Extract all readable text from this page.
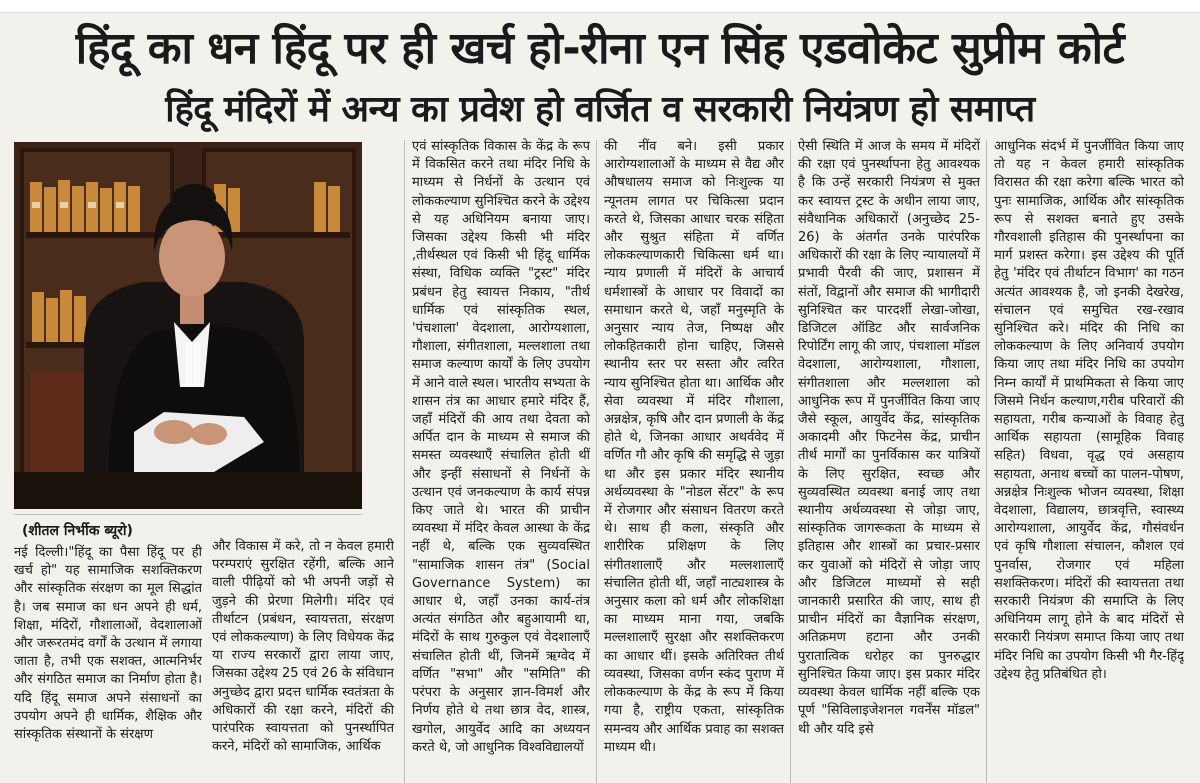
हिंदू का धन हिंदू पर ही खर्च हो-रीना एन सिंह एडवोकेट सुप्रीम कोर्ट
हिंदू मंदिरों में अन्य का प्रवेश हो वर्जित व सरकारी नियंत्रण हो समाप्त
(शीतल निर्भीक ब्यूरो)

नई दिल्ली।"हिंदू का पैसा हिंदू पर ही खर्च हो" यह सामाजिक सशक्तिकरण और सांस्कृतिक संरक्षण का मूल सिद्धांत है। जब समाज का धन अपने ही धर्म, शिक्षा, मंदिरों, गौशालाओं, वेदशालाओं और जरूरतमंद वर्गों के उत्थान में लगाया जाता है, तभी एक सशक्त, आत्मनिर्भर और संगठित समाज का निर्माण होता है। यदि हिंदू समाज अपने संसाधनों का उपयोग अपने ही धार्मिक, शैक्षिक और सांस्कृतिक संस्थानों के संरक्षण

और विकास में करे, तो न केवल हमारी परम्पराएं सुरक्षित रहेंगी, बल्कि आने वाली पीढ़ियों को भी अपनी जड़ों से जुड़ने की प्रेरणा मिलेगी। मंदिर एवं तीर्थाटन (प्रबंधन, स्वायत्तता, संरक्षण एवं लोककल्याण) के लिए विधेयक केंद्र या राज्य सरकारों द्वारा लाया जाए, जिसका उद्देश्य 25 एवं 26 के संविधान अनुच्छेद द्वारा प्रदत्त धार्मिक स्वतंत्रता के अधिकारों की रक्षा करने, मंदिरों की पारंपरिक स्वायत्तता को पुनर्स्थापित करने, मंदिरों को सामाजिक, आर्थिक

एवं सांस्कृतिक विकास के केंद्र के रूप में विकसित करने तथा मंदिर निधि के माध्यम से निर्धनों के उत्थान एवं लोककल्याण सुनिश्चित करने के उद्देश्य से यह अधिनियम बनाया जाए। जिसका उद्देश्य किसी भी मंदिर ,तीर्थस्थल एवं किसी भी हिंदू धार्मिक संस्था, विधिक व्यक्ति "ट्रस्ट" मंदिर प्रबंधन हेतु स्वायत्त निकाय, "तीर्थ धार्मिक एवं सांस्कृतिक स्थल, 'पंचशाला' वेदशाला, आरोग्यशाला, गौशाला, संगीतशाला, मल्लशाला तथा समाज कल्याण कार्यों के लिए उपयोग में आने वाले स्थल। भारतीय सभ्यता के शासन तंत्र का आधार हमारे मंदिर हैं, जहाँ मंदिरों की आय तथा देवता को अर्पित दान के माध्यम से समाज की समस्त व्यवस्थाएँ संचालित होती थीं और इन्हीं संसाधनों से निर्धनों के उत्थान एवं जनकल्याण के कार्य संपन्न किए जाते थे। भारत की प्राचीन व्यवस्था में मंदिर केवल आस्था के केंद्र नहीं थे, बल्कि एक सुव्यवस्थित "सामाजिक शासन तंत्र" (Social Governance System) का आधार थे, जहाँ उनका कार्य-तंत्र अत्यंत संगठित और बहुआयामी था, मंदिरों के साथ गुरुकुल एवं वेदशालाएँ संचालित होती थीं, जिनमें ऋग्वेद में वर्णित "सभा" और "समिति" की परंपरा के अनुसार ज्ञान-विमर्श और निर्णय होते थे तथा छात्र वेद, शास्त्र, खगोल, आयुर्वेद आदि का अध्ययन करते थे, जो आधुनिक विश्वविद्यालयों

की नींव बने। इसी प्रकार आरोग्यशालाओं के माध्यम से वैद्य और औषधालय समाज को निःशुल्क या न्यूनतम लागत पर चिकित्सा प्रदान करते थे, जिसका आधार चरक संहिता और सुश्रुत संहिता में वर्णित लोककल्याणकारी चिकित्सा धर्म था। न्याय प्रणाली में मंदिरों के आचार्य धर्मशास्त्रों के आधार पर विवादों का समाधान करते थे, जहाँ मनुस्मृति के अनुसार न्याय तेज, निष्पक्ष और लोकहितकारी होना चाहिए, जिससे स्थानीय स्तर पर सस्ता और त्वरित न्याय सुनिश्चित होता था। आर्थिक और सेवा व्यवस्था में मंदिर गौशाला, अन्नक्षेत्र, कृषि और दान प्रणाली के केंद्र होते थे, जिनका आधार अथर्ववेद में वर्णित गौ और कृषि की समृद्धि से जुड़ा था और इस प्रकार मंदिर स्थानीय अर्थव्यवस्था के "नोडल सेंटर" के रूप में रोजगार और संसाधन वितरण करते थे। साथ ही कला, संस्कृति और शारीरिक प्रशिक्षण के लिए संगीतशालाएँ और मल्लशालाएँ संचालित होती थीं, जहाँ नाट्यशास्त्र के अनुसार कला को धर्म और लोकशिक्षा का माध्यम माना गया, जबकि मल्लशालाएँ सुरक्षा और सशक्तिकरण का आधार थीं। इसके अतिरिक्त तीर्थ व्यवस्था, जिसका वर्णन स्कंद पुराण में लोककल्याण के केंद्र के रूप में किया गया है, राष्ट्रीय एकता, सांस्कृतिक समन्वय और आर्थिक प्रवाह का सशक्त माध्यम थी।

ऐसी स्थिति में आज के समय में मंदिरों की रक्षा एवं पुनर्स्थापना हेतु आवश्यक है कि उन्हें सरकारी नियंत्रण से मुक्त कर स्वायत्त ट्रस्ट के अधीन लाया जाए, संवैधानिक अधिकारों (अनुच्छेद 25-26) के अंतर्गत उनके पारंपरिक अधिकारों की रक्षा के लिए न्यायालयों में प्रभावी पैरवी की जाए, प्रशासन में संतों, विद्वानों और समाज की भागीदारी सुनिश्चित कर पारदर्शी लेखा-जोखा, डिजिटल ऑडिट और सार्वजनिक रिपोर्टिंग लागू की जाए, पंचशाला मॉडल वेदशाला, आरोग्यशाला, गौशाला, संगीतशाला और मल्लशाला को आधुनिक रूप में पुनर्जीवित किया जाए जैसे स्कूल, आयुर्वेद केंद्र, सांस्कृतिक अकादमी और फिटनेस केंद्र, प्राचीन तीर्थ मार्गों का पुनर्विकास कर यात्रियों के लिए सुरक्षित, स्वच्छ और सुव्यवस्थित व्यवस्था बनाई जाए तथा स्थानीय अर्थव्यवस्था से जोड़ा जाए, सांस्कृतिक जागरूकता के माध्यम से इतिहास और शास्त्रों का प्रचार-प्रसार कर युवाओं को मंदिरों से जोड़ा जाए और डिजिटल माध्यमों से सही जानकारी प्रसारित की जाए, साथ ही प्राचीन मंदिरों का वैज्ञानिक संरक्षण, अतिक्रमण हटाना और उनकी पुरातात्विक धरोहर का पुनरुद्धार सुनिश्चित किया जाए। इस प्रकार मंदिर व्यवस्था केवल धार्मिक नहीं बल्कि एक पूर्ण "सिविलाइजेशनल गवर्नेंस मॉडल" थी और यदि इसे

आधुनिक संदर्भ में पुनर्जीवित किया जाए तो यह न केवल हमारी सांस्कृतिक विरासत की रक्षा करेगा बल्कि भारत को पुनः सामाजिक, आर्थिक और सांस्कृतिक रूप से सशक्त बनाते हुए उसके गौरवशाली इतिहास की पुनर्स्थापना का मार्ग प्रशस्त करेगा। इस उद्देश्य की पूर्ति हेतु 'मंदिर एवं तीर्थाटन विभाग' का गठन अत्यंत आवश्यक है, जो इनकी देखरेख, संचालन एवं समुचित रख-रखाव सुनिश्चित करे। मंदिर की निधि का लोककल्याण के लिए अनिवार्य उपयोग किया जाए तथा मंदिर निधि का उपयोग निम्न कार्यों में प्राथमिकता से किया जाए जिसमे निर्धन कल्याण,गरीब परिवारों की सहायता, गरीब कन्याओं के विवाह हेतु आर्थिक सहायता (सामूहिक विवाह सहित) विधवा, वृद्ध एवं असहाय सहायता, अनाथ बच्चों का पालन-पोषण, अन्नक्षेत्र निःशुल्क भोजन व्यवस्था, शिक्षा वेदशाला, विद्यालय, छात्रवृत्ति, स्वास्थ्य आरोग्यशाला, आयुर्वेद केंद्र, गौसंवर्धन एवं कृषि गौशाला संचालन, कौशल एवं पुनर्वास, रोजगार एवं महिला सशक्तिकरण। मंदिरों की स्वायत्तता तथा सरकारी नियंत्रण की समाप्ति के लिए अधिनियम लागू होने के बाद मंदिरों से सरकारी नियंत्रण समाप्त किया जाए तथा मंदिर निधि का उपयोग किसी भी गैर-हिंदू उद्देश्य हेतु प्रतिबंधित हो।
